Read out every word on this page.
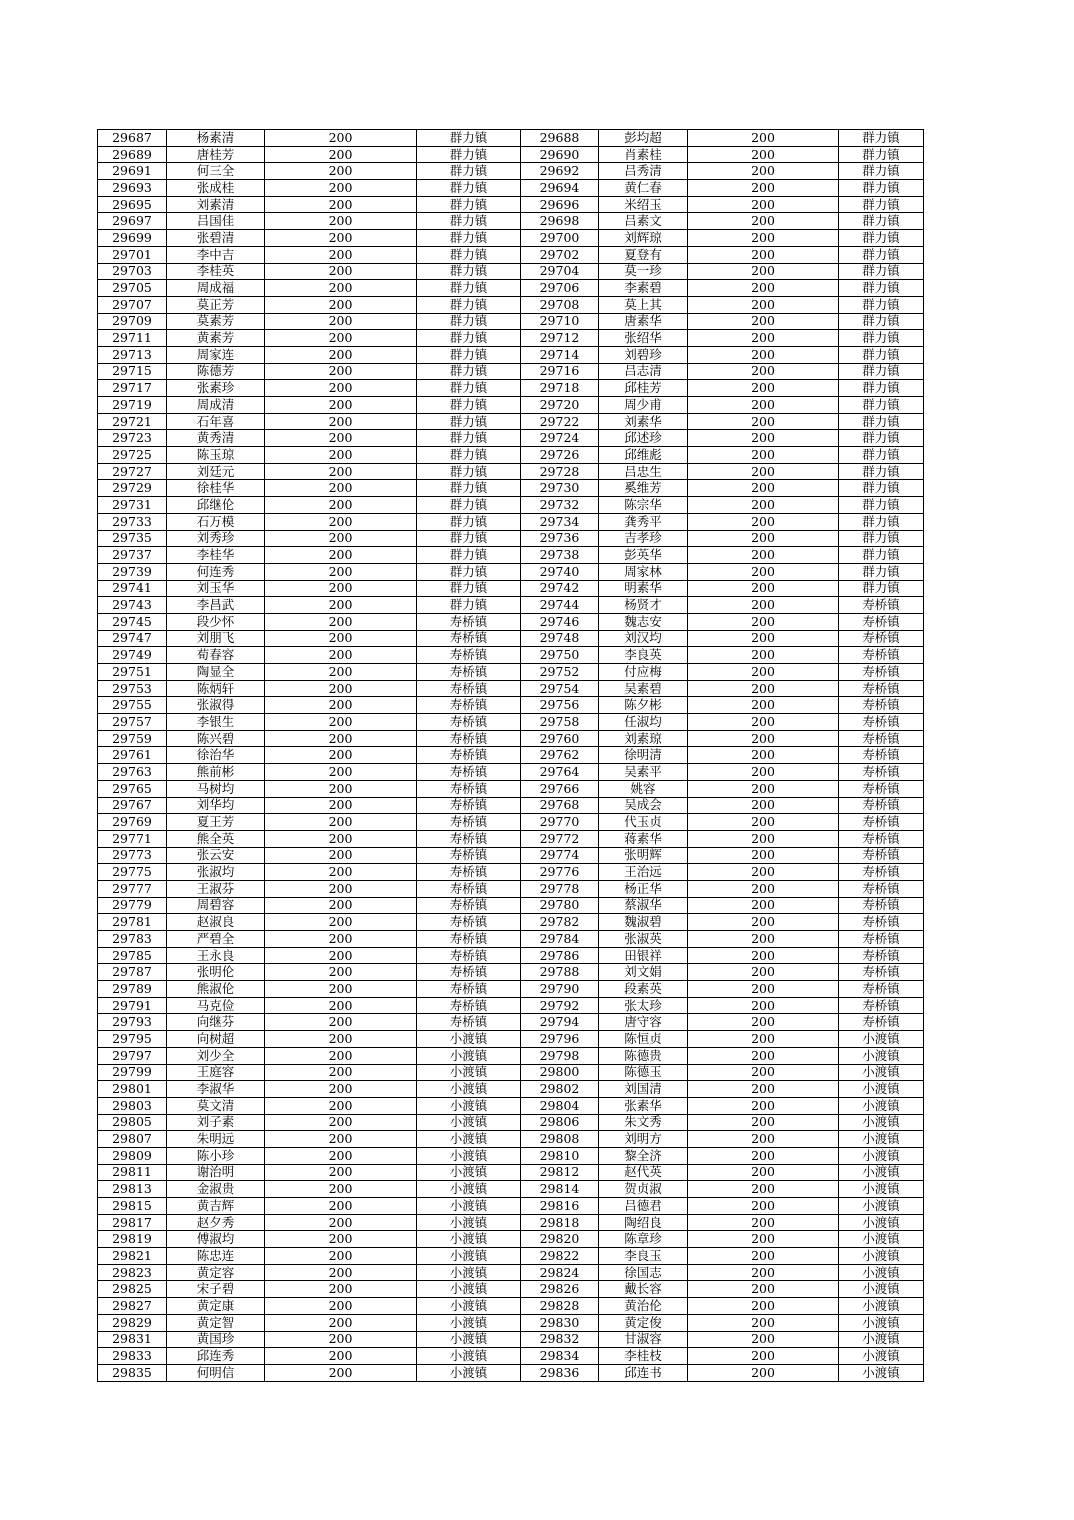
29687	杨素清	200	群力镇	29688	彭均超	200	群力镇
29689	唐桂芳	200	群力镇	29690	肖素桂	200	群力镇
29691	何三全	200	群力镇	29692	吕秀清	200	群力镇
29693	张成桂	200	群力镇	29694	黄仁春	200	群力镇
29695	刘素清	200	群力镇	29696	米绍玉	200	群力镇
29697	吕国佳	200	群力镇	29698	吕素文	200	群力镇
29699	张碧清	200	群力镇	29700	刘辉琼	200	群力镇
29701	李中吉	200	群力镇	29702	夏登有	200	群力镇
29703	李桂英	200	群力镇	29704	莫一珍	200	群力镇
29705	周成福	200	群力镇	29706	李素碧	200	群力镇
29707	莫正芳	200	群力镇	29708	莫上其	200	群力镇
29709	莫素芳	200	群力镇	29710	唐素华	200	群力镇
29711	黄素芳	200	群力镇	29712	张绍华	200	群力镇
29713	周家连	200	群力镇	29714	刘碧珍	200	群力镇
29715	陈德芳	200	群力镇	29716	吕志清	200	群力镇
29717	张素珍	200	群力镇	29718	邱桂芳	200	群力镇
29719	周成清	200	群力镇	29720	周少甫	200	群力镇
29721	石年喜	200	群力镇	29722	刘素华	200	群力镇
29723	黄秀清	200	群力镇	29724	邱述珍	200	群力镇
29725	陈玉琼	200	群力镇	29726	邱维彪	200	群力镇
29727	刘廷元	200	群力镇	29728	吕忠生	200	群力镇
29729	徐桂华	200	群力镇	29730	奚维芳	200	群力镇
29731	邱继伦	200	群力镇	29732	陈宗华	200	群力镇
29733	石万模	200	群力镇	29734	龚秀平	200	群力镇
29735	刘秀珍	200	群力镇	29736	吉孝珍	200	群力镇
29737	李桂华	200	群力镇	29738	彭英华	200	群力镇
29739	何连秀	200	群力镇	29740	周家林	200	群力镇
29741	刘玉华	200	群力镇	29742	明素华	200	群力镇
29743	李昌武	200	群力镇	29744	杨贤才	200	寿桥镇
29745	段少怀	200	寿桥镇	29746	魏志安	200	寿桥镇
29747	刘朋飞	200	寿桥镇	29748	刘汉均	200	寿桥镇
29749	荀春容	200	寿桥镇	29750	李良英	200	寿桥镇
29751	陶显全	200	寿桥镇	29752	付应梅	200	寿桥镇
29753	陈炳轩	200	寿桥镇	29754	吴素碧	200	寿桥镇
29755	张淑得	200	寿桥镇	29756	陈夕彬	200	寿桥镇
29757	李银生	200	寿桥镇	29758	任淑均	200	寿桥镇
29759	陈兴碧	200	寿桥镇	29760	刘素琼	200	寿桥镇
29761	徐治华	200	寿桥镇	29762	徐明清	200	寿桥镇
29763	熊前彬	200	寿桥镇	29764	吴素平	200	寿桥镇
29765	马树均	200	寿桥镇	29766	姚容	200	寿桥镇
29767	刘华均	200	寿桥镇	29768	吴成会	200	寿桥镇
29769	夏王芳	200	寿桥镇	29770	代玉贞	200	寿桥镇
29771	熊全英	200	寿桥镇	29772	蒋素华	200	寿桥镇
29773	张云安	200	寿桥镇	29774	张明辉	200	寿桥镇
29775	张淑均	200	寿桥镇	29776	王治远	200	寿桥镇
29777	王淑芬	200	寿桥镇	29778	杨正华	200	寿桥镇
29779	周碧容	200	寿桥镇	29780	蔡淑华	200	寿桥镇
29781	赵淑良	200	寿桥镇	29782	魏淑碧	200	寿桥镇
29783	严碧全	200	寿桥镇	29784	张淑英	200	寿桥镇
29785	王永良	200	寿桥镇	29786	田银祥	200	寿桥镇
29787	张明伦	200	寿桥镇	29788	刘文娟	200	寿桥镇
29789	熊淑伦	200	寿桥镇	29790	段素英	200	寿桥镇
29791	马克俭	200	寿桥镇	29792	张太珍	200	寿桥镇
29793	向继芬	200	寿桥镇	29794	唐守容	200	寿桥镇
29795	向树超	200	小渡镇	29796	陈恒贞	200	小渡镇
29797	刘少全	200	小渡镇	29798	陈德贵	200	小渡镇
29799	王庭容	200	小渡镇	29800	陈德玉	200	小渡镇
29801	李淑华	200	小渡镇	29802	刘国清	200	小渡镇
29803	莫文清	200	小渡镇	29804	张素华	200	小渡镇
29805	刘子素	200	小渡镇	29806	朱文秀	200	小渡镇
29807	朱明远	200	小渡镇	29808	刘明方	200	小渡镇
29809	陈小珍	200	小渡镇	29810	黎全济	200	小渡镇
29811	谢治明	200	小渡镇	29812	赵代英	200	小渡镇
29813	金淑贵	200	小渡镇	29814	贺贞淑	200	小渡镇
29815	黄吉辉	200	小渡镇	29816	吕德君	200	小渡镇
29817	赵夕秀	200	小渡镇	29818	陶绍良	200	小渡镇
29819	傅淑均	200	小渡镇	29820	陈章珍	200	小渡镇
29821	陈忠连	200	小渡镇	29822	李良玉	200	小渡镇
29823	黄定容	200	小渡镇	29824	徐国志	200	小渡镇
29825	宋子碧	200	小渡镇	29826	戴长容	200	小渡镇
29827	黄定康	200	小渡镇	29828	黄治伦	200	小渡镇
29829	黄定智	200	小渡镇	29830	黄定俊	200	小渡镇
29831	黄国珍	200	小渡镇	29832	甘淑容	200	小渡镇
29833	邱连秀	200	小渡镇	29834	李桂枝	200	小渡镇
29835	何明信	200	小渡镇	29836	邱连书	200	小渡镇
